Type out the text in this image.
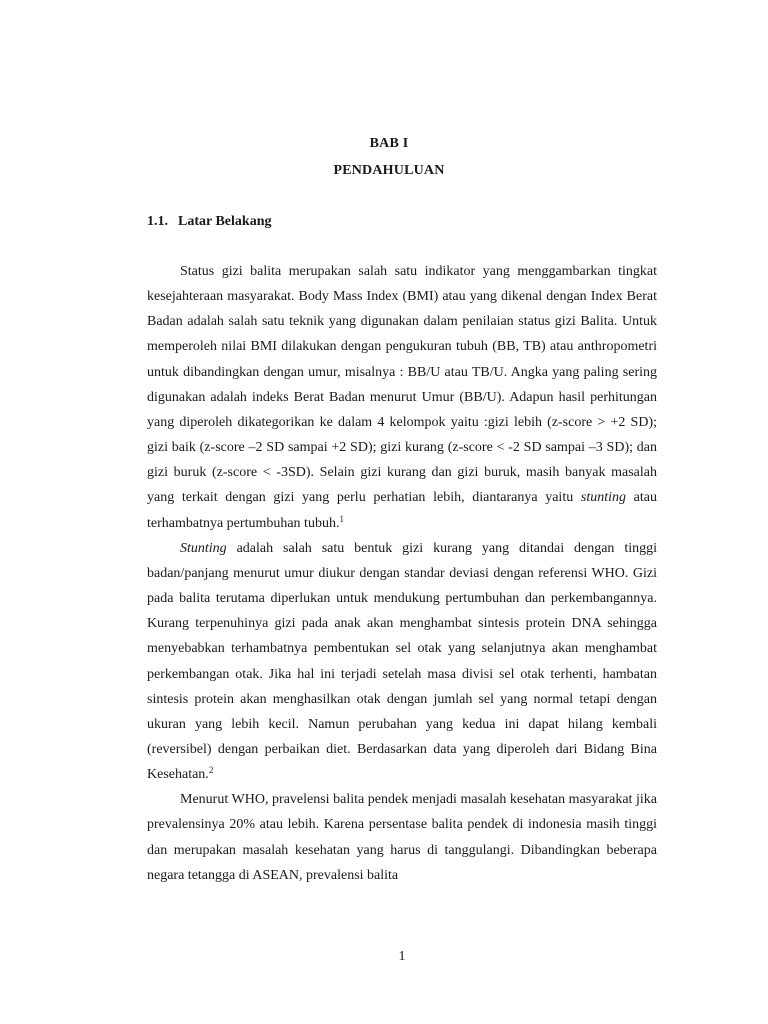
BAB I
PENDAHULUAN
1.1. Latar Belakang

Status gizi balita merupakan salah satu indikator yang menggambarkan tingkat kesejahteraan masyarakat. Body Mass Index (BMI) atau yang dikenal dengan Index Berat Badan adalah salah satu teknik yang digunakan dalam penilaian status gizi Balita. Untuk memperoleh nilai BMI dilakukan dengan pengukuran tubuh (BB, TB) atau anthropometri untuk dibandingkan dengan umur, misalnya : BB/U atau TB/U. Angka yang paling sering digunakan adalah indeks Berat Badan menurut Umur (BB/U). Adapun hasil perhitungan yang diperoleh dikategorikan ke dalam 4 kelompok yaitu :gizi lebih (z-score > +2 SD); gizi baik (z-score –2 SD sampai +2 SD); gizi kurang (z-score < -2 SD sampai –3 SD); dan gizi buruk (z-score < -3SD). Selain gizi kurang dan gizi buruk, masih banyak masalah yang terkait dengan gizi yang perlu perhatian lebih, diantaranya yaitu stunting atau terhambatnya pertumbuhan tubuh.$^1$

Stunting adalah salah satu bentuk gizi kurang yang ditandai dengan tinggi badan/panjang menurut umur diukur dengan standar deviasi dengan referensi WHO. Gizi pada balita terutama diperlukan untuk mendukung pertumbuhan dan perkembangannya. Kurang terpenuhinya gizi pada anak akan menghambat sintesis protein DNA sehingga menyebabkan terhambatnya pembentukan sel otak yang selanjutnya akan menghambat perkembangan otak. Jika hal ini terjadi setelah masa divisi sel otak terhenti, hambatan sintesis protein akan menghasilkan otak dengan jumlah sel yang normal tetapi dengan ukuran yang lebih kecil. Namun perubahan yang kedua ini dapat hilang kembali (reversibel) dengan perbaikan diet. Berdasarkan data yang diperoleh dari Bidang Bina Kesehatan.$^2$

Menurut WHO, pravelensi balita pendek menjadi masalah kesehatan masyarakat jika prevalensinya 20% atau lebih. Karena persentase balita pendek di indonesia masih tinggi dan merupakan masalah kesehatan yang harus di tanggulangi. Dibandingkan beberapa negara tetangga di ASEAN, prevalensi balita

1
